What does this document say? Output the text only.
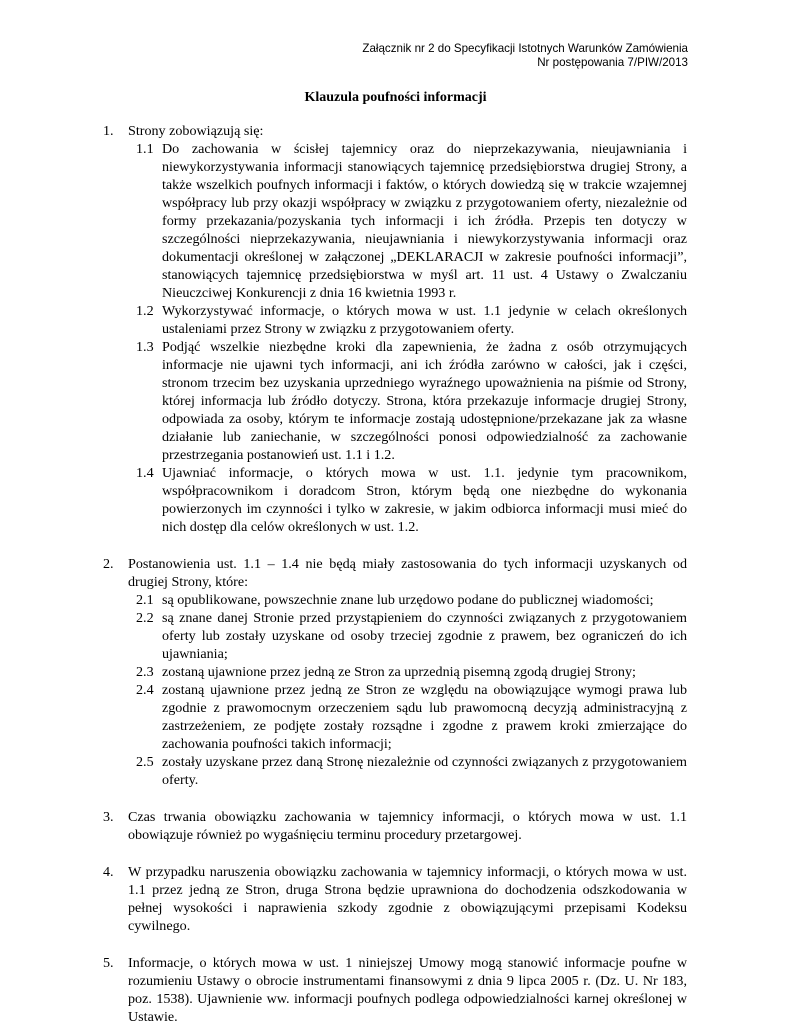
Załącznik nr 2 do Specyfikacji Istotnych Warunków Zamówienia
Nr postępowania 7/PIW/2013
Klauzula poufności informacji
1. Strony zobowiązują się:
1.1 Do zachowania w ścisłej tajemnicy oraz do nieprzekazywania, nieujawniania i niewykorzystywania informacji stanowiących tajemnicę przedsiębiorstwa drugiej Strony, a także wszelkich poufnych informacji i faktów, o których dowiedzą się w trakcie wzajemnej współpracy lub przy okazji współpracy w związku z przygotowaniem oferty, niezależnie od formy przekazania/pozyskania tych informacji i ich źródła. Przepis ten dotyczy w szczególności nieprzekazywania, nieujawniania i niewykorzystywania informacji oraz dokumentacji określonej w załączonej „DEKLARACJI w zakresie poufności informacji”, stanowiących tajemnicę przedsiębiorstwa w myśl art. 11 ust. 4 Ustawy o Zwalczaniu Nieuczciwej Konkurencji z dnia 16 kwietnia 1993 r.
1.2 Wykorzystywać informacje, o których mowa w ust. 1.1 jedynie w celach określonych ustaleniami przez Strony w związku z przygotowaniem oferty.
1.3 Podjąć wszelkie niezbędne kroki dla zapewnienia, że żadna z osób otrzymujących informacje nie ujawni tych informacji, ani ich źródła zarówno w całości, jak i części, stronom trzecim bez uzyskania uprzedniego wyraźnego upoważnienia na piśmie od Strony, której informacja lub źródło dotyczy. Strona, która przekazuje informacje drugiej Strony, odpowiada za osoby, którym te informacje zostają udostępnione/przekazane jak za własne działanie lub zaniechanie, w szczególności ponosi odpowiedzialność za zachowanie przestrzegania postanowień ust. 1.1 i 1.2.
1.4 Ujawniać informacje, o których mowa w ust. 1.1. jedynie tym pracownikom, współpracownikom i doradcom Stron, którym będą one niezbędne do wykonania powierzonych im czynności i tylko w zakresie, w jakim odbiorca informacji musi mieć do nich dostęp dla celów określonych w ust. 1.2.
2. Postanowienia ust. 1.1 – 1.4 nie będą miały zastosowania do tych informacji uzyskanych od drugiej Strony, które:
2.1 są opublikowane, powszechnie znane lub urzędowo podane do publicznej wiadomości;
2.2 są znane danej Stronie przed przystąpieniem do czynności związanych z przygotowaniem oferty lub zostały uzyskane od osoby trzeciej zgodnie z prawem, bez ograniczeń do ich ujawniania;
2.3 zostaną ujawnione przez jedną ze Stron za uprzednią pisemną zgodą drugiej Strony;
2.4 zostaną ujawnione przez jedną ze Stron ze względu na obowiązujące wymogi prawa lub zgodnie z prawomocnym orzeczeniem sądu lub prawomocną decyzją administracyjną z zastrzeżeniem, ze podjęte zostały rozsądne i zgodne z prawem kroki zmierzające do zachowania poufności takich informacji;
2.5 zostały uzyskane przez daną Stronę niezależnie od czynności związanych z przygotowaniem oferty.
3. Czas trwania obowiązku zachowania w tajemnicy informacji, o których mowa w ust. 1.1 obowiązuje również po wygaśnięciu terminu procedury przetargowej.
4. W przypadku naruszenia obowiązku zachowania w tajemnicy informacji, o których mowa w ust. 1.1 przez jedną ze Stron, druga Strona będzie uprawniona do dochodzenia odszkodowania w pełnej wysokości i naprawienia szkody zgodnie z obowiązującymi przepisami Kodeksu cywilnego.
5. Informacje, o których mowa w ust. 1 niniejszej Umowy mogą stanowić informacje poufne w rozumieniu Ustawy o obrocie instrumentami finansowymi z dnia 9 lipca 2005 r. (Dz. U. Nr 183, poz. 1538). Ujawnienie ww. informacji poufnych podlega odpowiedzialności karnej określonej w Ustawie.
